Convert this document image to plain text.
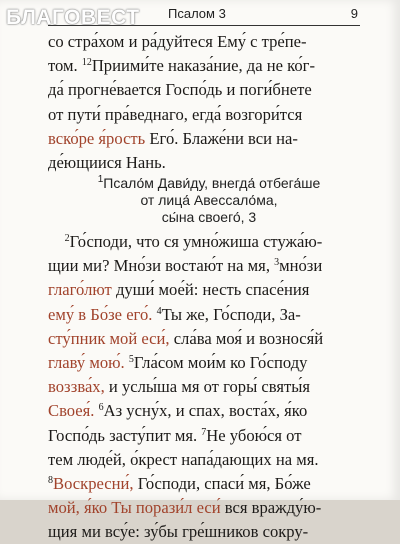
Псалом 3	9
БЛАГОВЕСТ
со стра́хом и ра́дуйтеся Ему́ с тре́пе-
том. $^{12}$Приими́те наказа́ние, да не ко́г-
да́ прогне́вается Госпо́дь и поги́бнете
от пути́ пра́веднаго, егда́ возгори́тся
вско́ре я́рость Его́. Блаже́ни вси на-
де́ющиися Нань.
$^1$Псало́м Дави́ду, внегда́ отбега́ше
от лица́ Авессало́ма,
сы́на своего́, 3
 $^2$Го́споди, что ся умно́жиша стужа́ю-
щии ми? Мно́зи востаю́т на мя, $^3$мно́зи
глаго́лют души́ мое́й: несть спасе́ния
ему́ в Бо́зе его́. $^4$Ты же, Го́споди, За-
сту́пник мой еси́, сла́ва моя́ и вознося́й
главу́ мою́. $^5$Гла́сом мои́м ко Го́споду
воззва́х, и услы́ша мя от горы́ святы́я
Своея́. $^6$Аз усну́х, и спах, воста́х, я́ко
Госпо́дь засту́пит мя. $^7$Не убою́ся от
тем люде́й, о́крест напа́дающих на мя.
$^8$Воскресни́, Го́споди, спаси́ мя, Бо́же
мой, я́ко Ты порази́л еси́ вся вражду́ю-
щия ми всу́е: зу́бы гре́шников сокру-
